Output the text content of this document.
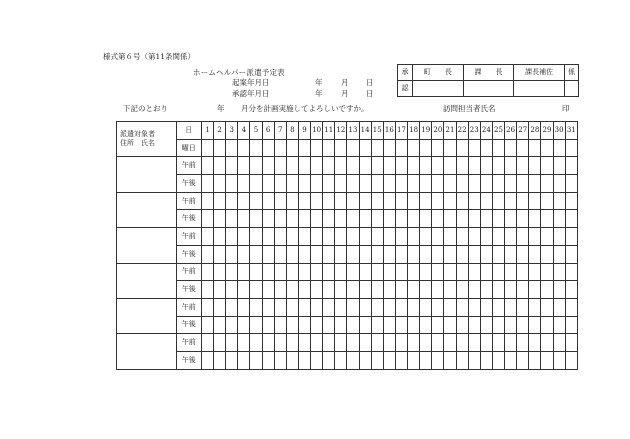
様式第６号（第11条関係）
ホームヘルパー派遣予定表
起案年月日
承認年月日
年 月 日
年 月 日
下記のとおり	年 月分を計画実施してよろしいですか。	訪問担当者氏名	印
承	町　　長	課　　長	課長補佐	係
認				
派遣対象者
住所　氏名	日	1	2	3	4	5	6	7	8	9	10	11	12	13	14	15	16	17	18	19	20	21	22	23	24	25	26	27	28	29	30	31
	曜日																															
	午前																															
	午後																															
	午前																															
	午後																															
	午前																															
	午後																															
	午前																															
	午後																															
	午前																															
	午後																															
	午前																															
	午後																															
